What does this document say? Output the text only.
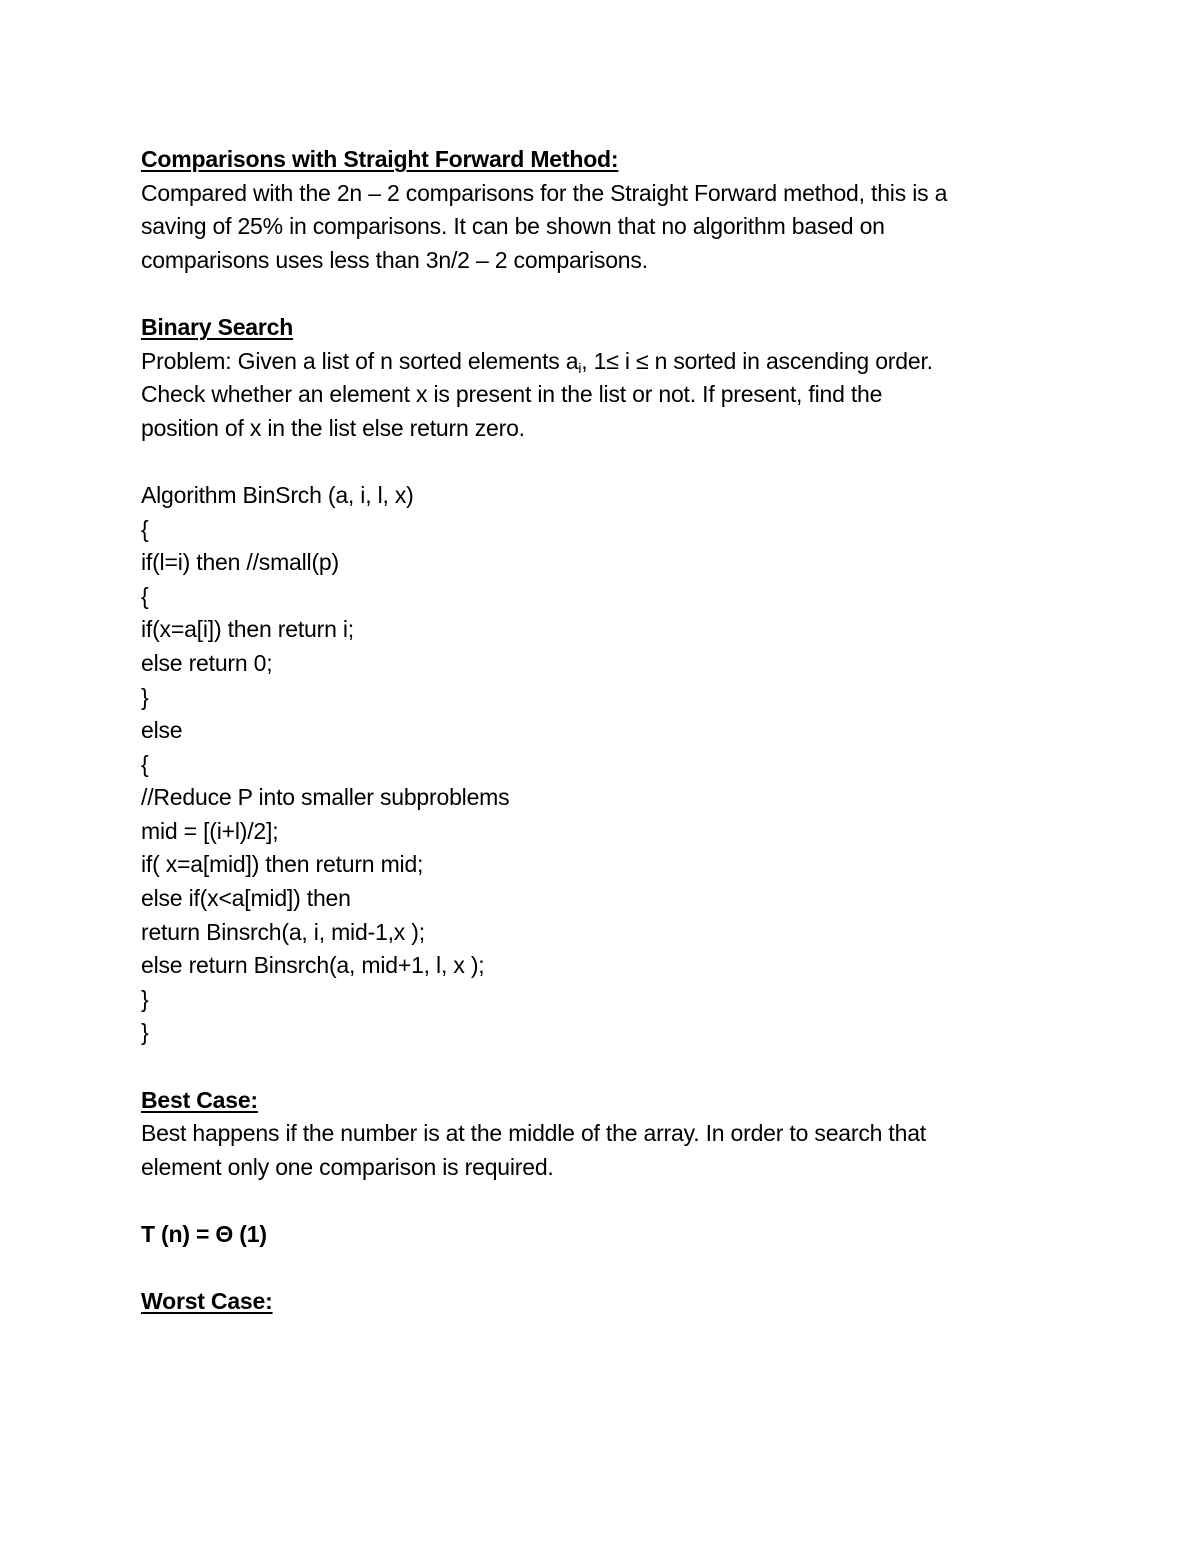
Comparisons with Straight Forward Method:
Compared with the 2n – 2 comparisons for the Straight Forward method, this is a
saving of 25% in comparisons. It can be shown that no algorithm based on
comparisons uses less than 3n/2 – 2 comparisons.
Binary Search
Problem: Given a list of n sorted elements $a_i$, 1≤ i ≤ n sorted in ascending order.
Check whether an element x is present in the list or not. If present, find the
position of x in the list else return zero.
Algorithm BinSrch (a, i, l, x)
{
if(l=i) then //small(p)
{
if(x=a[i]) then return i;
else return 0;
}
else
{
//Reduce P into smaller subproblems
mid = [(i+l)/2];
if( x=a[mid]) then return mid;
else if(x<a[mid]) then
return Binsrch(a, i, mid-1,x );
else return Binsrch(a, mid+1, l, x );
}
}
Best Case:
Best happens if the number is at the middle of the array. In order to search that
element only one comparison is required.
T (n) = Θ (1)
Worst Case:
